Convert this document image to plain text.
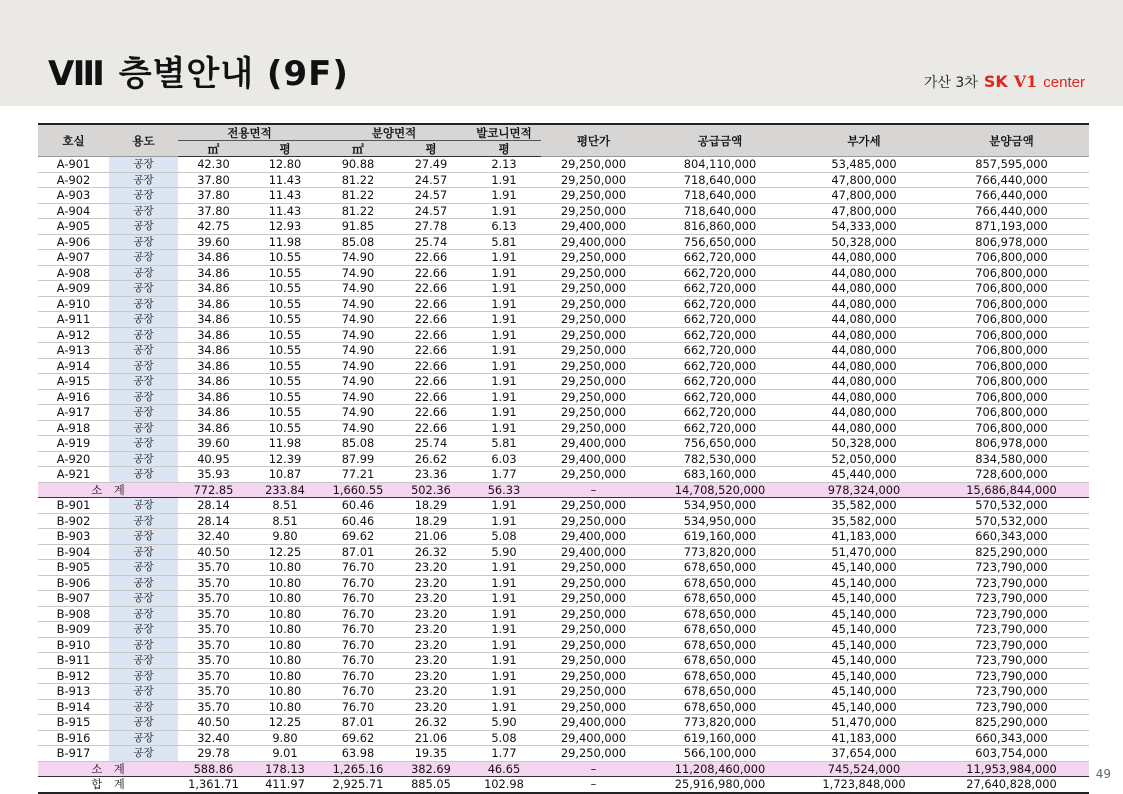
Ⅷ 층별안내 (9F)	가산 3차 SK V1 center
호실	용도	전용면적		분양면적		발코니면적	평단가	공급금액	부가세	분양금액
		㎡	평	㎡	평	평				
A-901	공장	42.30	12.80	90.88	27.49	2.13	29,250,000	804,110,000	53,485,000	857,595,000
A-902	공장	37.80	11.43	81.22	24.57	1.91	29,250,000	718,640,000	47,800,000	766,440,000
A-903	공장	37.80	11.43	81.22	24.57	1.91	29,250,000	718,640,000	47,800,000	766,440,000
A-904	공장	37.80	11.43	81.22	24.57	1.91	29,250,000	718,640,000	47,800,000	766,440,000
A-905	공장	42.75	12.93	91.85	27.78	6.13	29,400,000	816,860,000	54,333,000	871,193,000
A-906	공장	39.60	11.98	85.08	25.74	5.81	29,400,000	756,650,000	50,328,000	806,978,000
A-907	공장	34.86	10.55	74.90	22.66	1.91	29,250,000	662,720,000	44,080,000	706,800,000
A-908	공장	34.86	10.55	74.90	22.66	1.91	29,250,000	662,720,000	44,080,000	706,800,000
A-909	공장	34.86	10.55	74.90	22.66	1.91	29,250,000	662,720,000	44,080,000	706,800,000
A-910	공장	34.86	10.55	74.90	22.66	1.91	29,250,000	662,720,000	44,080,000	706,800,000
A-911	공장	34.86	10.55	74.90	22.66	1.91	29,250,000	662,720,000	44,080,000	706,800,000
A-912	공장	34.86	10.55	74.90	22.66	1.91	29,250,000	662,720,000	44,080,000	706,800,000
A-913	공장	34.86	10.55	74.90	22.66	1.91	29,250,000	662,720,000	44,080,000	706,800,000
A-914	공장	34.86	10.55	74.90	22.66	1.91	29,250,000	662,720,000	44,080,000	706,800,000
A-915	공장	34.86	10.55	74.90	22.66	1.91	29,250,000	662,720,000	44,080,000	706,800,000
A-916	공장	34.86	10.55	74.90	22.66	1.91	29,250,000	662,720,000	44,080,000	706,800,000
A-917	공장	34.86	10.55	74.90	22.66	1.91	29,250,000	662,720,000	44,080,000	706,800,000
A-918	공장	34.86	10.55	74.90	22.66	1.91	29,250,000	662,720,000	44,080,000	706,800,000
A-919	공장	39.60	11.98	85.08	25.74	5.81	29,400,000	756,650,000	50,328,000	806,978,000
A-920	공장	40.95	12.39	87.99	26.62	6.03	29,400,000	782,530,000	52,050,000	834,580,000
A-921	공장	35.93	10.87	77.21	23.36	1.77	29,250,000	683,160,000	45,440,000	728,600,000
소　계		772.85	233.84	1,660.55	502.36	56.33	–	14,708,520,000	978,324,000	15,686,844,000
B-901	공장	28.14	8.51	60.46	18.29	1.91	29,250,000	534,950,000	35,582,000	570,532,000
B-902	공장	28.14	8.51	60.46	18.29	1.91	29,250,000	534,950,000	35,582,000	570,532,000
B-903	공장	32.40	9.80	69.62	21.06	5.08	29,400,000	619,160,000	41,183,000	660,343,000
B-904	공장	40.50	12.25	87.01	26.32	5.90	29,400,000	773,820,000	51,470,000	825,290,000
B-905	공장	35.70	10.80	76.70	23.20	1.91	29,250,000	678,650,000	45,140,000	723,790,000
B-906	공장	35.70	10.80	76.70	23.20	1.91	29,250,000	678,650,000	45,140,000	723,790,000
B-907	공장	35.70	10.80	76.70	23.20	1.91	29,250,000	678,650,000	45,140,000	723,790,000
B-908	공장	35.70	10.80	76.70	23.20	1.91	29,250,000	678,650,000	45,140,000	723,790,000
B-909	공장	35.70	10.80	76.70	23.20	1.91	29,250,000	678,650,000	45,140,000	723,790,000
B-910	공장	35.70	10.80	76.70	23.20	1.91	29,250,000	678,650,000	45,140,000	723,790,000
B-911	공장	35.70	10.80	76.70	23.20	1.91	29,250,000	678,650,000	45,140,000	723,790,000
B-912	공장	35.70	10.80	76.70	23.20	1.91	29,250,000	678,650,000	45,140,000	723,790,000
B-913	공장	35.70	10.80	76.70	23.20	1.91	29,250,000	678,650,000	45,140,000	723,790,000
B-914	공장	35.70	10.80	76.70	23.20	1.91	29,250,000	678,650,000	45,140,000	723,790,000
B-915	공장	40.50	12.25	87.01	26.32	5.90	29,400,000	773,820,000	51,470,000	825,290,000
B-916	공장	32.40	9.80	69.62	21.06	5.08	29,400,000	619,160,000	41,183,000	660,343,000
B-917	공장	29.78	9.01	63.98	19.35	1.77	29,250,000	566,100,000	37,654,000	603,754,000
소　계		588.86	178.13	1,265.16	382.69	46.65	–	11,208,460,000	745,524,000	11,953,984,000
합　계		1,361.71	411.97	2,925.71	885.05	102.98	–	25,916,980,000	1,723,848,000	27,640,828,000
49
